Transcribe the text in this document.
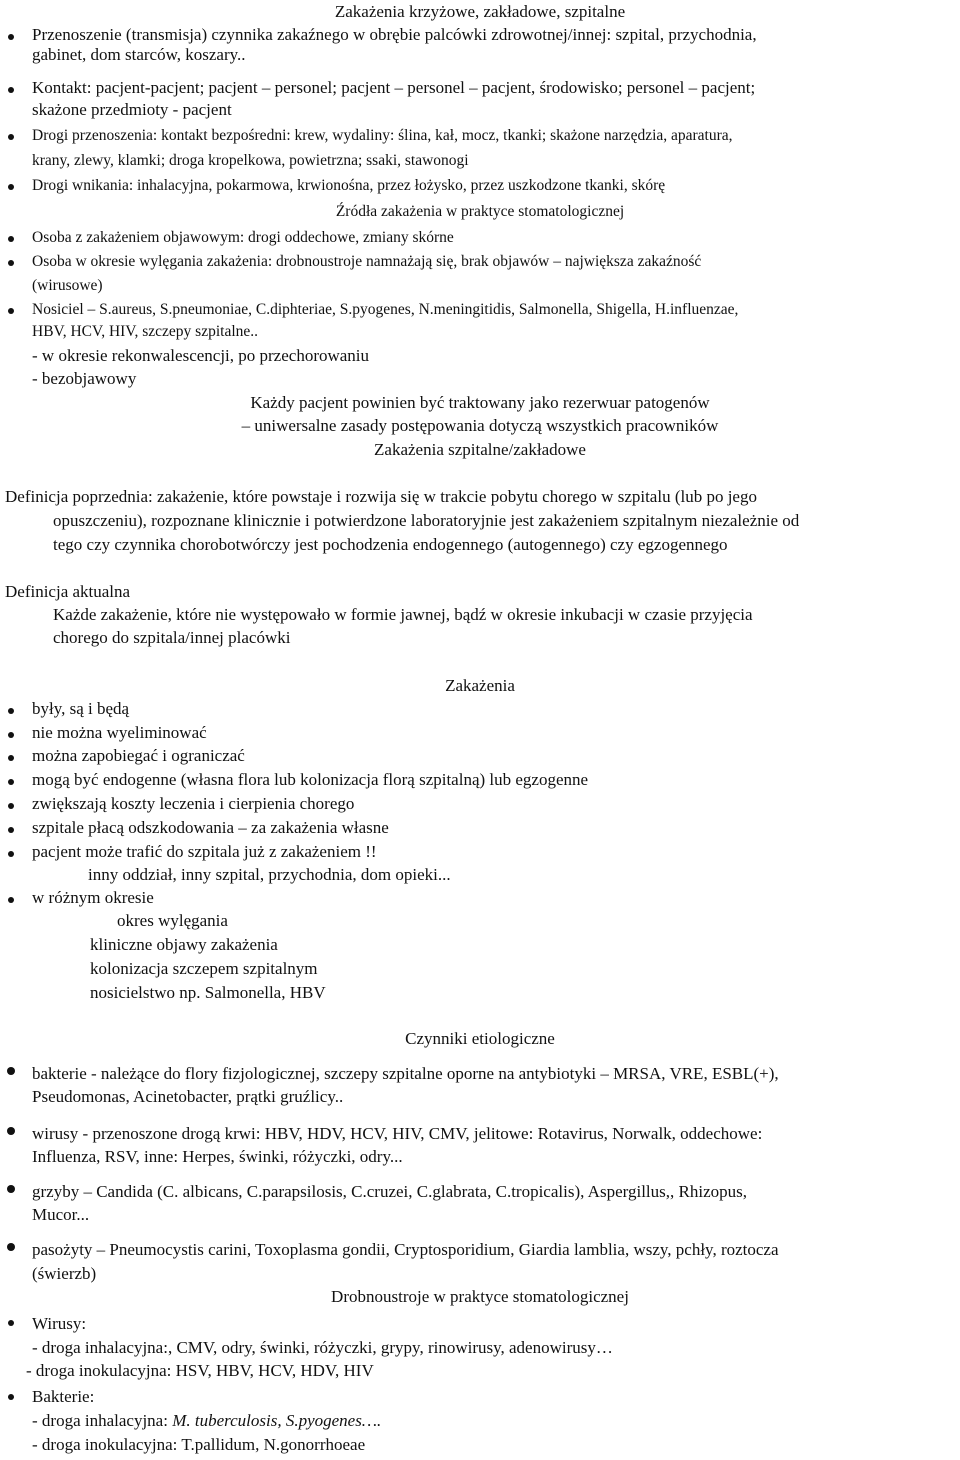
Zakażenia krzyżowe, zakładowe, szpitalne
Przenoszenie (transmisja) czynnika zakaźnego w obrębie palcówki zdrowotnej/innej: szpital, przychodnia,
gabinet, dom starców, koszary..
Kontakt: pacjent-pacjent; pacjent – personel; pacjent – personel – pacjent, środowisko; personel – pacjent;
skażone przedmioty - pacjent
Drogi przenoszenia: kontakt bezpośredni: krew, wydaliny: ślina, kał, mocz, tkanki; skażone narzędzia, aparatura,
krany, zlewy, klamki; droga kropelkowa, powietrzna; ssaki, stawonogi
Drogi wnikania: inhalacyjna, pokarmowa, krwionośna, przez łożysko, przez uszkodzone tkanki, skórę
Źródła zakażenia w praktyce stomatologicznej
Osoba z zakażeniem objawowym: drogi oddechowe, zmiany skórne
Osoba w okresie wylęgania zakażenia: drobnoustroje namnażają się, brak objawów – największa zakaźność
(wirusowe)
Nosiciel – S.aureus, S.pneumoniae, C.diphteriae, S.pyogenes, N.meningitidis, Salmonella, Shigella, H.influenzae,
HBV, HCV, HIV, szczepy szpitalne..
- w okresie rekonwalescencji, po przechorowaniu
- bezobjawowy
Każdy pacjent powinien być traktowany jako rezerwuar patogenów
– uniwersalne zasady postępowania dotyczą wszystkich pracowników
Zakażenia szpitalne/zakładowe
Definicja poprzednia: zakażenie, które powstaje i rozwija się w trakcie pobytu chorego w szpitalu (lub po jego
opuszczeniu), rozpoznane klinicznie i potwierdzone laboratoryjnie jest zakażeniem szpitalnym niezależnie od
tego czy czynnika chorobotwórczy jest pochodzenia endogennego (autogennego) czy egzogennego
Definicja aktualna
Każde zakażenie, które nie występowało w formie jawnej, bądź w okresie inkubacji w czasie przyjęcia
chorego do szpitala/innej placówki
Zakażenia
były, są i będą
nie można wyeliminować
można zapobiegać i ograniczać
mogą być endogenne (własna flora lub kolonizacja florą szpitalną) lub egzogenne
zwiększają koszty leczenia i cierpienia chorego
szpitale płacą odszkodowania – za zakażenia własne
pacjent może trafić do szpitala już z zakażeniem !!
inny oddział, inny szpital, przychodnia, dom opieki...
w różnym okresie
okres wylęgania
kliniczne objawy zakażenia
kolonizacja szczepem szpitalnym
nosicielstwo np. Salmonella, HBV
Czynniki etiologiczne
bakterie - należące do flory fizjologicznej, szczepy szpitalne oporne na antybiotyki – MRSA, VRE, ESBL(+),
Pseudomonas, Acinetobacter, prątki gruźlicy..
wirusy - przenoszone drogą krwi: HBV, HDV, HCV, HIV, CMV, jelitowe: Rotavirus, Norwalk, oddechowe:
Influenza, RSV, inne: Herpes, świnki, różyczki, odry...
grzyby – Candida (C. albicans, C.parapsilosis, C.cruzei, C.glabrata, C.tropicalis), Aspergillus,, Rhizopus,
Mucor...
pasożyty – Pneumocystis carini, Toxoplasma gondii, Cryptosporidium, Giardia lamblia, wszy, pchły, roztocza
(świerzb)
Drobnoustroje w praktyce stomatologicznej
Wirusy:
- droga inhalacyjna:, CMV, odry, świnki, różyczki, grypy, rinowirusy, adenowirusy…
- droga inokulacyjna: HSV, HBV, HCV, HDV, HIV
Bakterie:
- droga inhalacyjna: M. tuberculosis, S.pyogenes….
- droga inokulacyjna: T.pallidum, N.gonorrhoeae
